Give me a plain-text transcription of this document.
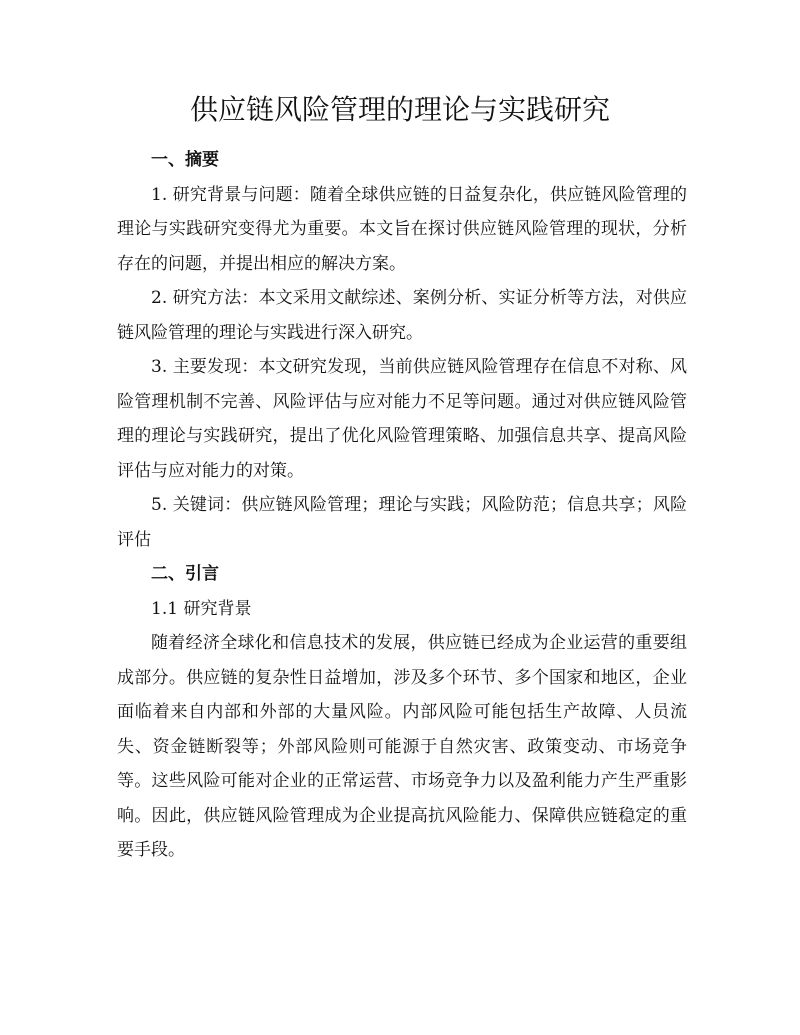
供应链风险管理的理论与实践研究

一、摘要

1. 研究背景与问题：随着全球供应链的日益复杂化，供应链风险管理的理论与实践研究变得尤为重要。本文旨在探讨供应链风险管理的现状，分析存在的问题，并提出相应的解决方案。

2. 研究方法：本文采用文献综述、案例分析、实证分析等方法，对供应链风险管理的理论与实践进行深入研究。

3. 主要发现：本文研究发现，当前供应链风险管理存在信息不对称、风险管理机制不完善、风险评估与应对能力不足等问题。通过对供应链风险管理的理论与实践研究，提出了优化风险管理策略、加强信息共享、提高风险评估与应对能力的对策。

5. 关键词：供应链风险管理；理论与实践；风险防范；信息共享；风险评估

二、引言

1.1 研究背景

随着经济全球化和信息技术的发展，供应链已经成为企业运营的重要组成部分。供应链的复杂性日益增加，涉及多个环节、多个国家和地区，企业面临着来自内部和外部的大量风险。内部风险可能包括生产故障、人员流失、资金链断裂等；外部风险则可能源于自然灾害、政策变动、市场竞争等。这些风险可能对企业的正常运营、市场竞争力以及盈利能力产生严重影响。因此，供应链风险管理成为企业提高抗风险能力、保障供应链稳定的重要手段。
